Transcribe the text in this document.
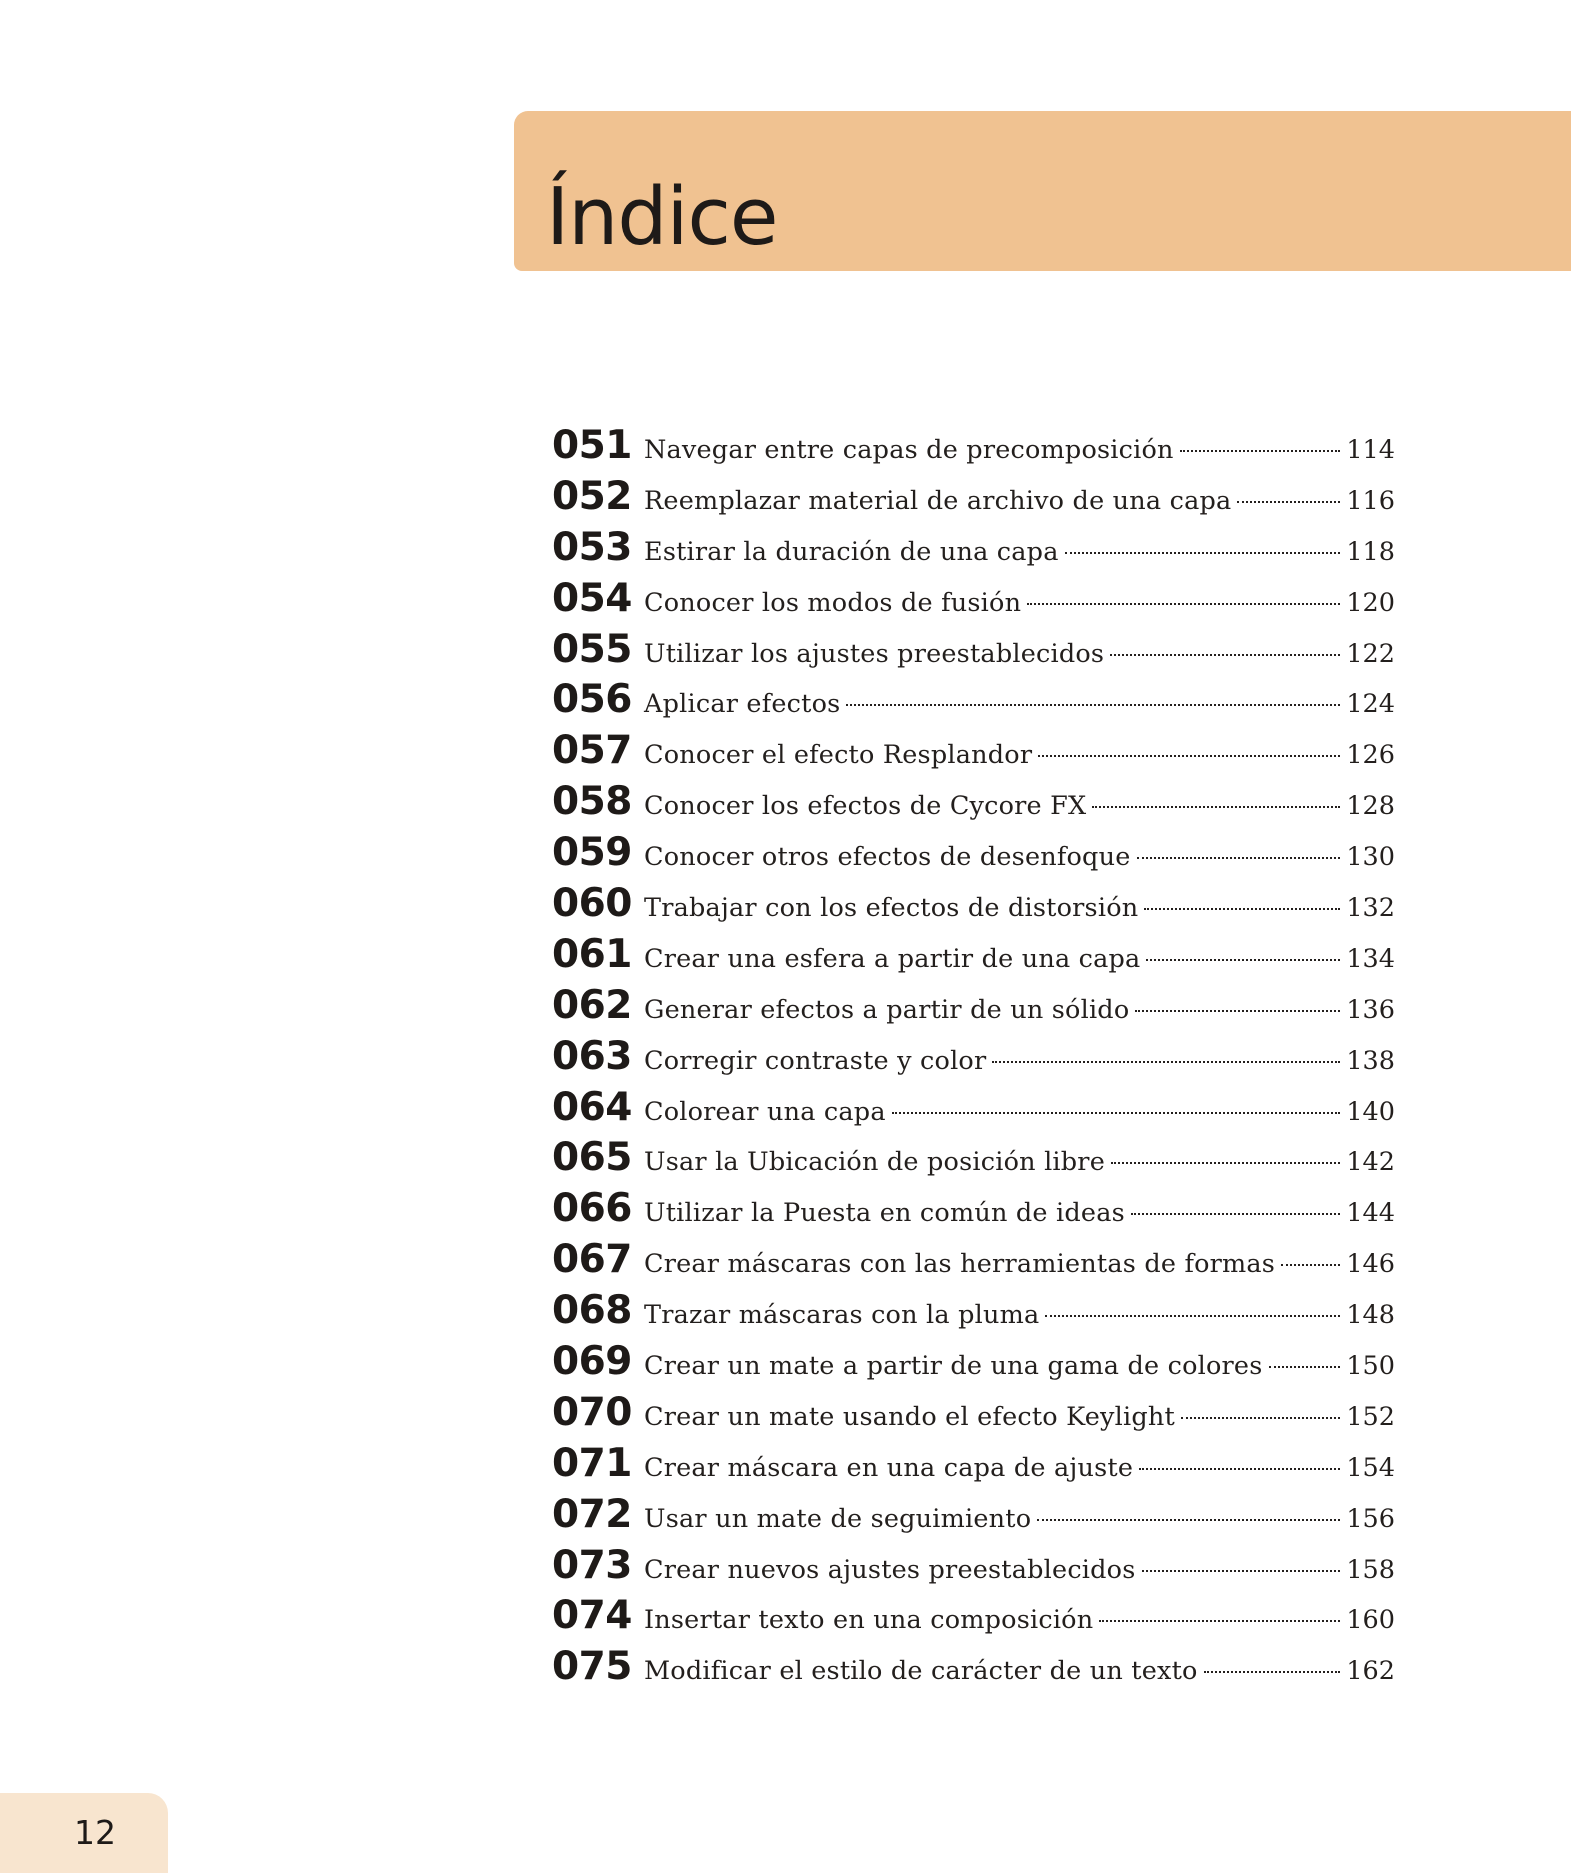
Índice
051 Navegar entre capas de precomposición	114
052 Reemplazar material de archivo de una capa	116
053 Estirar la duración de una capa	118
054 Conocer los modos de fusión	120
055 Utilizar los ajustes preestablecidos	122
056 Aplicar efectos	124
057 Conocer el efecto Resplandor	126
058 Conocer los efectos de Cycore FX	128
059 Conocer otros efectos de desenfoque	130
060 Trabajar con los efectos de distorsión	132
061 Crear una esfera a partir de una capa	134
062 Generar efectos a partir de un sólido	136
063 Corregir contraste y color	138
064 Colorear una capa	140
065 Usar la Ubicación de posición libre	142
066 Utilizar la Puesta en común de ideas	144
067 Crear máscaras con las herramientas de formas	146
068 Trazar máscaras con la pluma	148
069 Crear un mate a partir de una gama de colores	150
070 Crear un mate usando el efecto Keylight	152
071 Crear máscara en una capa de ajuste	154
072 Usar un mate de seguimiento	156
073 Crear nuevos ajustes preestablecidos	158
074 Insertar texto en una composición	160
075 Modificar el estilo de carácter de un texto	162
12
